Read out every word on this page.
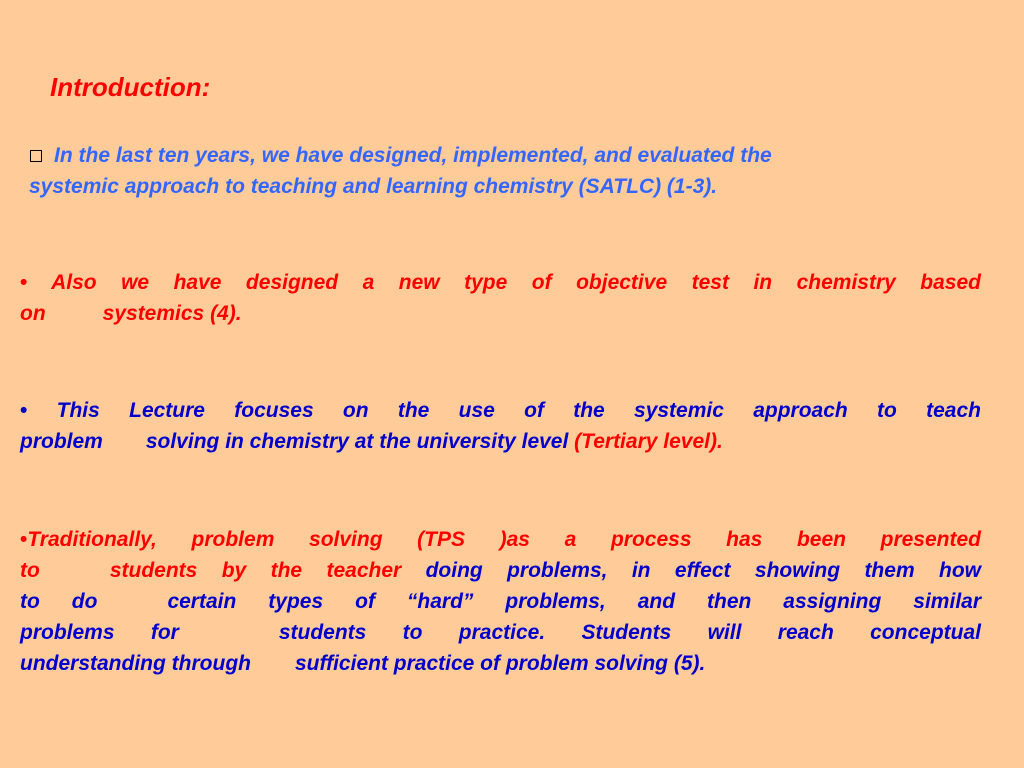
Introduction:
In the last ten years, we have designed, implemented, and evaluated the
systemic approach to teaching and learning chemistry (SATLC) (1-3).
• Also we have designed a new type of objective test in chemistry based
on	systemics (4).
• This Lecture focuses on the use of the systemic approach to teach
problem solving in chemistry at the university level (Tertiary level).
•Traditionally, problem solving (TPS )as a process has been presented
to	students by the teacher doing problems, in effect showing them how
to do	certain types of “hard” problems, and then assigning similar
problems for	students to practice. Students will reach conceptual
understanding through sufficient practice of problem solving (5).
